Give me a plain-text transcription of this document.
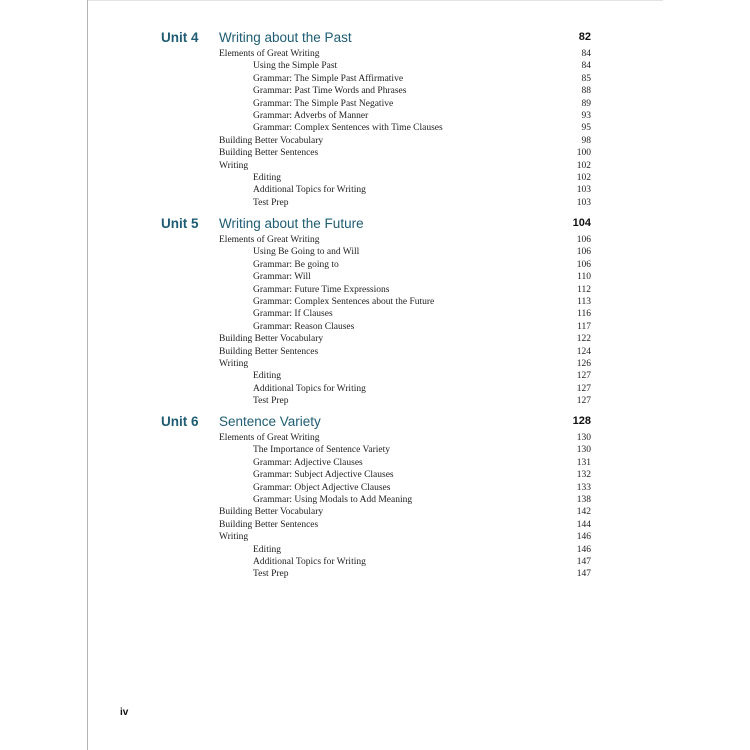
Unit 4 Writing about the Past	82
Elements of Great Writing	84
Using the Simple Past	84
Grammar: The Simple Past Affirmative	85
Grammar: Past Time Words and Phrases	88
Grammar: The Simple Past Negative	89
Grammar: Adverbs of Manner	93
Grammar: Complex Sentences with Time Clauses	95
Building Better Vocabulary	98
Building Better Sentences	100
Writing	102
Editing	102
Additional Topics for Writing	103
Test Prep	103
Unit 5 Writing about the Future	104
Elements of Great Writing	106
Using Be Going to and Will	106
Grammar: Be going to	106
Grammar: Will	110
Grammar: Future Time Expressions	112
Grammar: Complex Sentences about the Future	113
Grammar: If Clauses	116
Grammar: Reason Clauses	117
Building Better Vocabulary	122
Building Better Sentences	124
Writing	126
Editing	127
Additional Topics for Writing	127
Test Prep	127
Unit 6 Sentence Variety	128
Elements of Great Writing	130
The Importance of Sentence Variety	130
Grammar: Adjective Clauses	131
Grammar: Subject Adjective Clauses	132
Grammar: Object Adjective Clauses	133
Grammar: Using Modals to Add Meaning	138
Building Better Vocabulary	142
Building Better Sentences	144
Writing	146
Editing	146
Additional Topics for Writing	147
Test Prep	147
iv
